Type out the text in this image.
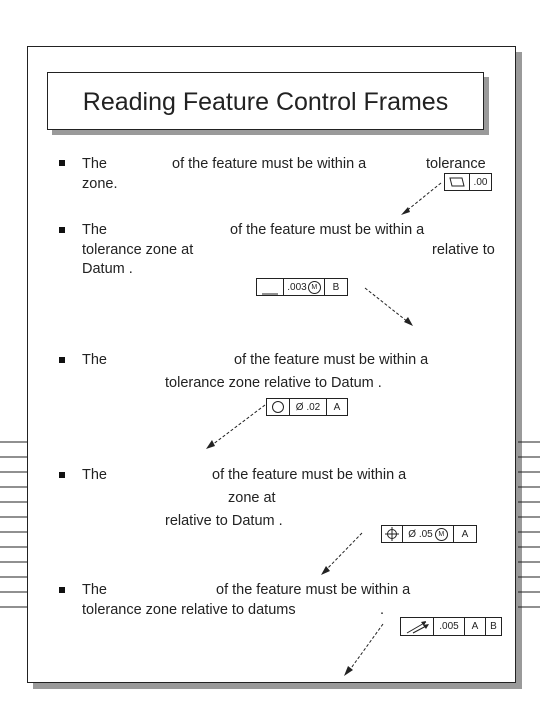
Reading Feature Control Frames
The	of the feature must be within a	tolerance
zone.	.00
The	of the feature must be within a
tolerance zone at	relative to
Datum .
.003 M	B
The	of the feature must be within a
tolerance zone relative to Datum .
Ø .02	A
The	of the feature must be within a
zone at
relative to Datum .
Ø .05 M	A
The	of the feature must be within a
tolerance zone relative to datums	.
.005	A	B
